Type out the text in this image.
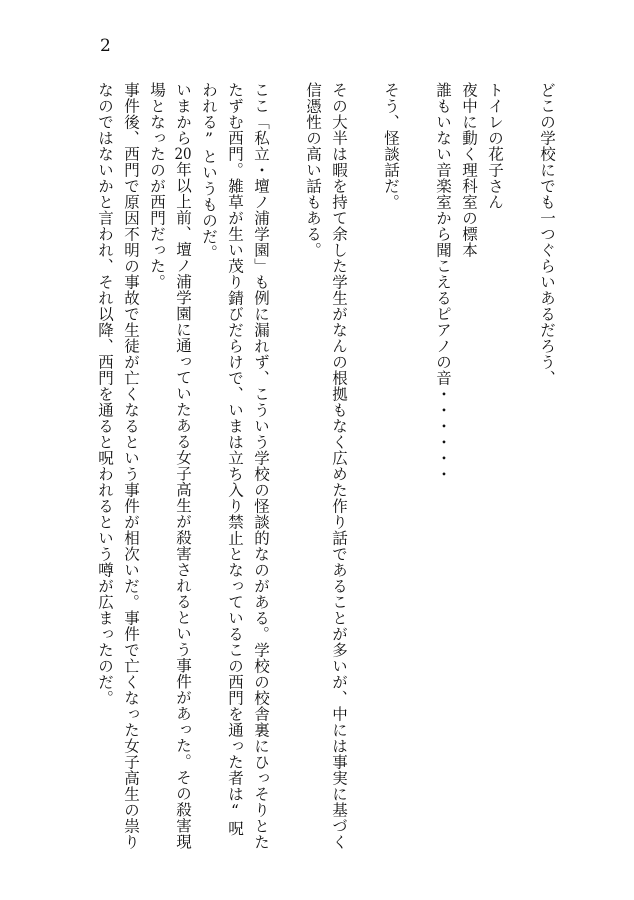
2

どこの学校にでも一つぐらいあるだろう、

トイレの花子さん

夜中に動く理科室の標本

誰もいない音楽室から聞こえるピアノの音・・・・・・

そう、怪談話だ。

その大半は暇を持て余した学生がなんの根拠もなく広めた作り話であることが多いが、中には事実に基づく信憑性の高い話もある。

ここ「私立・壇ノ浦学園」も例に漏れず、こういう学校の怪談的なのがある。学校の校舎裏にひっそりとたたずむ西門。雑草が生い茂り錆びだらけで、いまは立ち入り禁止となっているこの西門を通った者は“呪われる”というものだ。

いまから20年以上前、壇ノ浦学園に通っていたある女子高生が殺害されるという事件があった。その殺害現場となったのが西門だった。

事件後、西門で原因不明の事故で生徒が亡くなるという事件が相次いだ。事件で亡くなった女子高生の祟りなのではないかと言われ、それ以降、西門を通ると呪われるという噂が広まったのだ。
